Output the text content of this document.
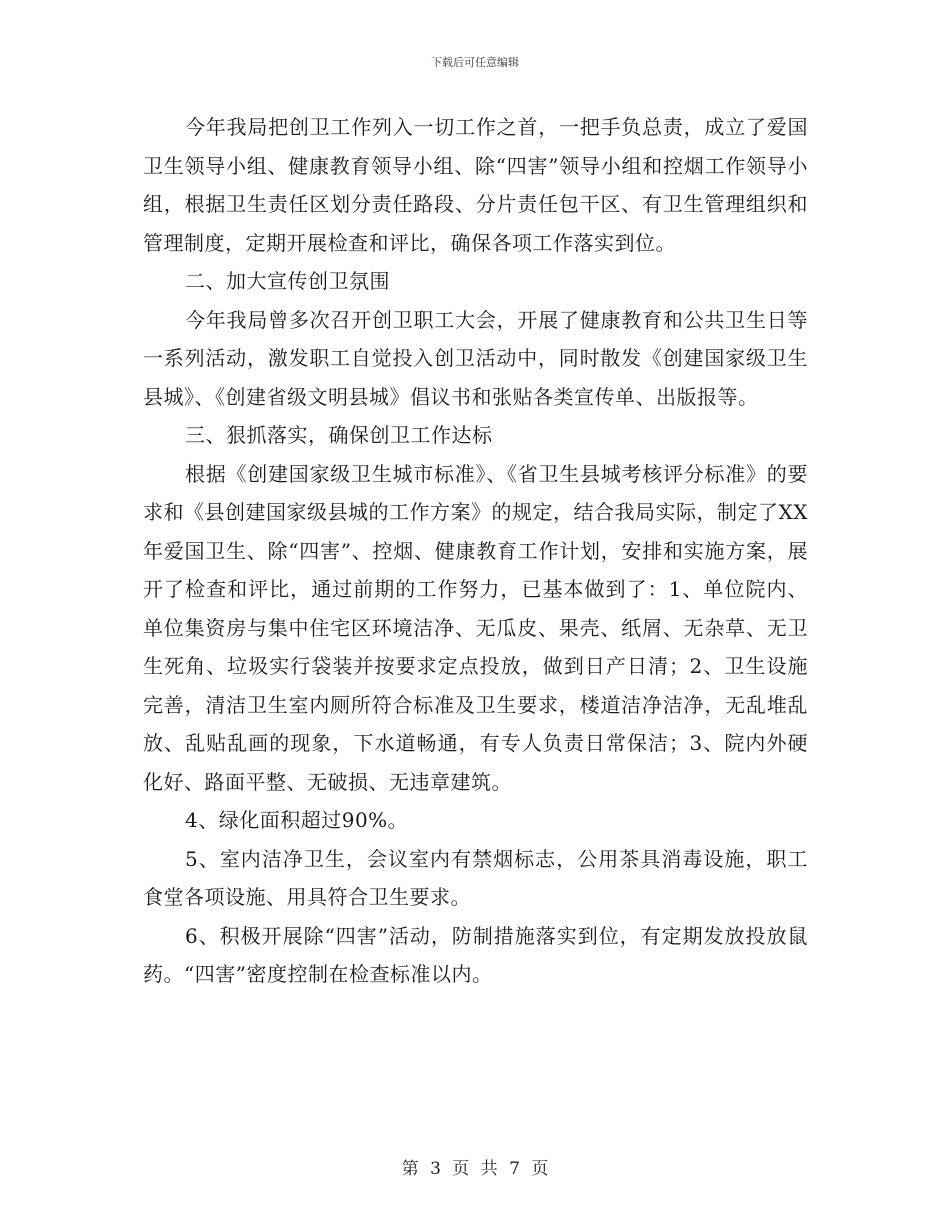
下载后可任意编辑

今年我局把创卫工作列入一切工作之首，一把手负总责，成立了爱国卫生领导小组、健康教育领导小组、除“四害”领导小组和控烟工作领导小组，根据卫生责任区划分责任路段、分片责任包干区、有卫生管理组织和管理制度，定期开展检查和评比，确保各项工作落实到位。

二、加大宣传创卫氛围

今年我局曾多次召开创卫职工大会，开展了健康教育和公共卫生日等一系列活动，激发职工自觉投入创卫活动中，同时散发《创建国家级卫生县城》、《创建省级文明县城》倡议书和张贴各类宣传单、出版报等。

三、狠抓落实，确保创卫工作达标

根据《创建国家级卫生城市标准》、《省卫生县城考核评分标准》的要求和《县创建国家级县城的工作方案》的规定，结合我局实际，制定了XX年爱国卫生、除“四害”、控烟、健康教育工作计划，安排和实施方案，展开了检查和评比，通过前期的工作努力，已基本做到了：1、单位院内、单位集资房与集中住宅区环境洁净、无瓜皮、果壳、纸屑、无杂草、无卫生死角、垃圾实行袋装并按要求定点投放，做到日产日清；2、卫生设施完善，清洁卫生室内厕所符合标准及卫生要求，楼道洁净洁净，无乱堆乱放、乱贴乱画的现象，下水道畅通，有专人负责日常保洁；3、院内外硬化好、路面平整、无破损、无违章建筑。

4、绿化面积超过90%。

5、室内洁净卫生，会议室内有禁烟标志，公用茶具消毒设施，职工食堂各项设施、用具符合卫生要求。

6、积极开展除“四害”活动，防制措施落实到位，有定期发放投放鼠药。“四害”密度控制在检查标准以内。

第 3 页 共 7 页
